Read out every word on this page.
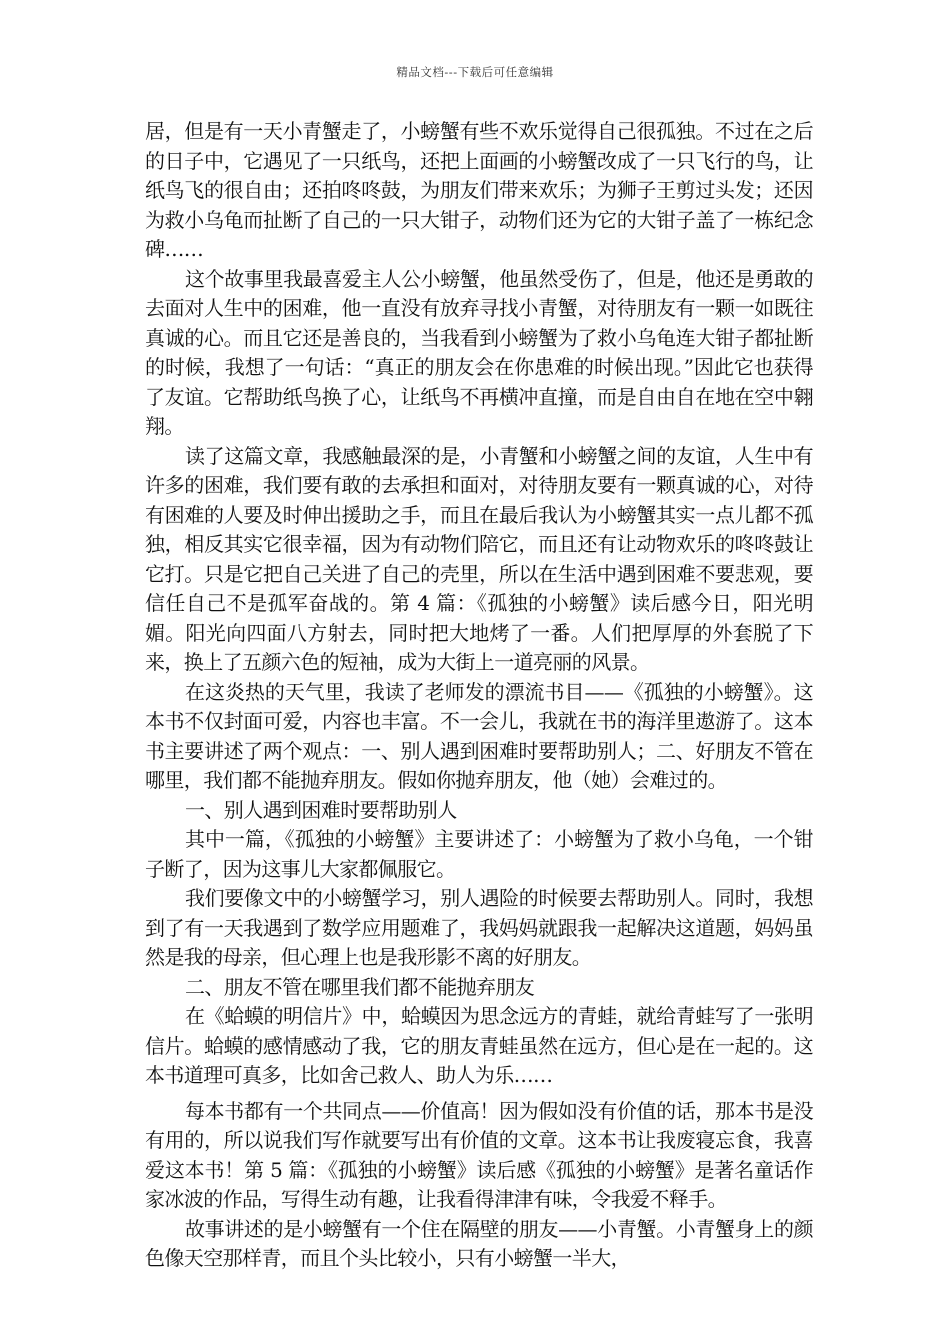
精品文档---下载后可任意编辑

居，但是有一天小青蟹走了，小螃蟹有些不欢乐觉得自己很孤独。不过在之后的日子中，它遇见了一只纸鸟，还把上面画的小螃蟹改成了一只飞行的鸟，让纸鸟飞的很自由；还拍咚咚鼓，为朋友们带来欢乐；为狮子王剪过头发；还因为救小乌龟而扯断了自己的一只大钳子，动物们还为它的大钳子盖了一栋纪念碑……

这个故事里我最喜爱主人公小螃蟹，他虽然受伤了，但是，他还是勇敢的去面对人生中的困难，他一直没有放弃寻找小青蟹，对待朋友有一颗一如既往真诚的心。而且它还是善良的，当我看到小螃蟹为了救小乌龟连大钳子都扯断的时候，我想了一句话：“真正的朋友会在你患难的时候出现。”因此它也获得了友谊。它帮助纸鸟换了心，让纸鸟不再横冲直撞，而是自由自在地在空中翱翔。

读了这篇文章，我感触最深的是，小青蟹和小螃蟹之间的友谊，人生中有许多的困难，我们要有敢的去承担和面对，对待朋友要有一颗真诚的心，对待有困难的人要及时伸出援助之手，而且在最后我认为小螃蟹其实一点儿都不孤独，相反其实它很幸福，因为有动物们陪它，而且还有让动物欢乐的咚咚鼓让它打。只是它把自己关进了自己的壳里，所以在生活中遇到困难不要悲观，要信任自己不是孤军奋战的。第 4 篇：《孤独的小螃蟹》读后感今日，阳光明媚。阳光向四面八方射去，同时把大地烤了一番。人们把厚厚的外套脱了下来，换上了五颜六色的短袖，成为大街上一道亮丽的风景。

在这炎热的天气里，我读了老师发的漂流书目——《孤独的小螃蟹》。这本书不仅封面可爱，内容也丰富。不一会儿，我就在书的海洋里遨游了。这本书主要讲述了两个观点：一、别人遇到困难时要帮助别人；二、好朋友不管在哪里，我们都不能抛弃朋友。假如你抛弃朋友，他（她）会难过的。

一、别人遇到困难时要帮助别人

其中一篇，《孤独的小螃蟹》主要讲述了：小螃蟹为了救小乌龟，一个钳子断了，因为这事儿大家都佩服它。

我们要像文中的小螃蟹学习，别人遇险的时候要去帮助别人。同时，我想到了有一天我遇到了数学应用题难了，我妈妈就跟我一起解决这道题，妈妈虽然是我的母亲，但心理上也是我形影不离的好朋友。

二、朋友不管在哪里我们都不能抛弃朋友

在《蛤蟆的明信片》中，蛤蟆因为思念远方的青蛙，就给青蛙写了一张明信片。蛤蟆的感情感动了我，它的朋友青蛙虽然在远方，但心是在一起的。这本书道理可真多，比如舍己救人、助人为乐……

每本书都有一个共同点——价值高！因为假如没有价值的话，那本书是没有用的，所以说我们写作就要写出有价值的文章。这本书让我废寝忘食，我喜爱这本书！第 5 篇：《孤独的小螃蟹》读后感《孤独的小螃蟹》是著名童话作家冰波的作品，写得生动有趣，让我看得津津有味，令我爱不释手。

故事讲述的是小螃蟹有一个住在隔壁的朋友——小青蟹。小青蟹身上的颜色像天空那样青，而且个头比较小，只有小螃蟹一半大，
